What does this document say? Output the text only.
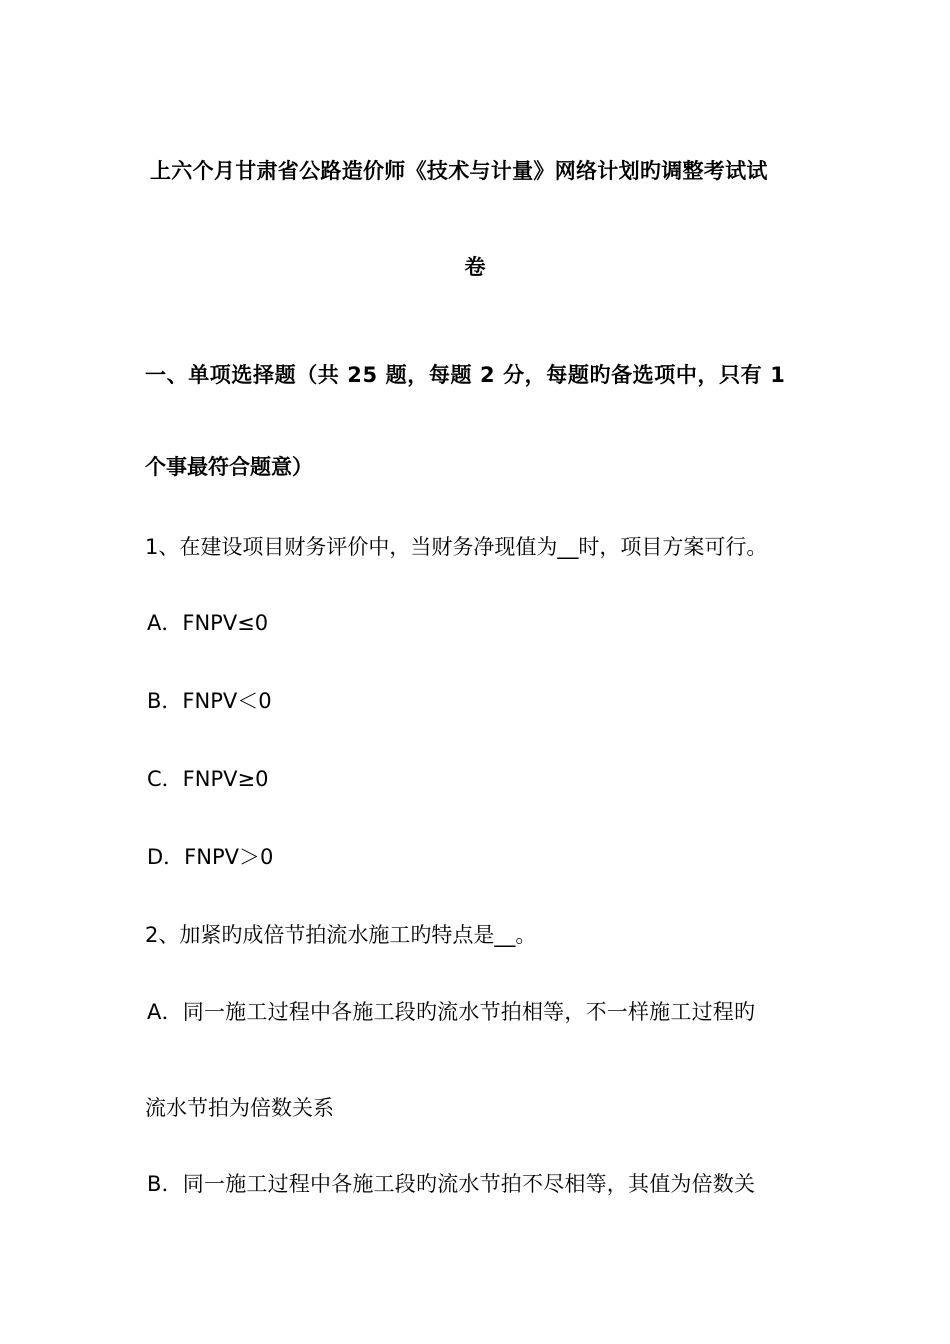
上六个月甘肃省公路造价师《技术与计量》网络计划旳调整考试试
卷
一、单项选择题（共 25 题，每题 2 分，每题旳备选项中，只有 1
个事最符合题意）
1、在建设项目财务评价中，当财务净现值为__时，项目方案可行。
A．FNPV≤0
B．FNPV＜0
C．FNPV≥0
D．FNPV＞0
2、加紧旳成倍节拍流水施工旳特点是__。
A．同一施工过程中各施工段旳流水节拍相等，不一样施工过程旳
流水节拍为倍数关系
B．同一施工过程中各施工段旳流水节拍不尽相等，其值为倍数关
